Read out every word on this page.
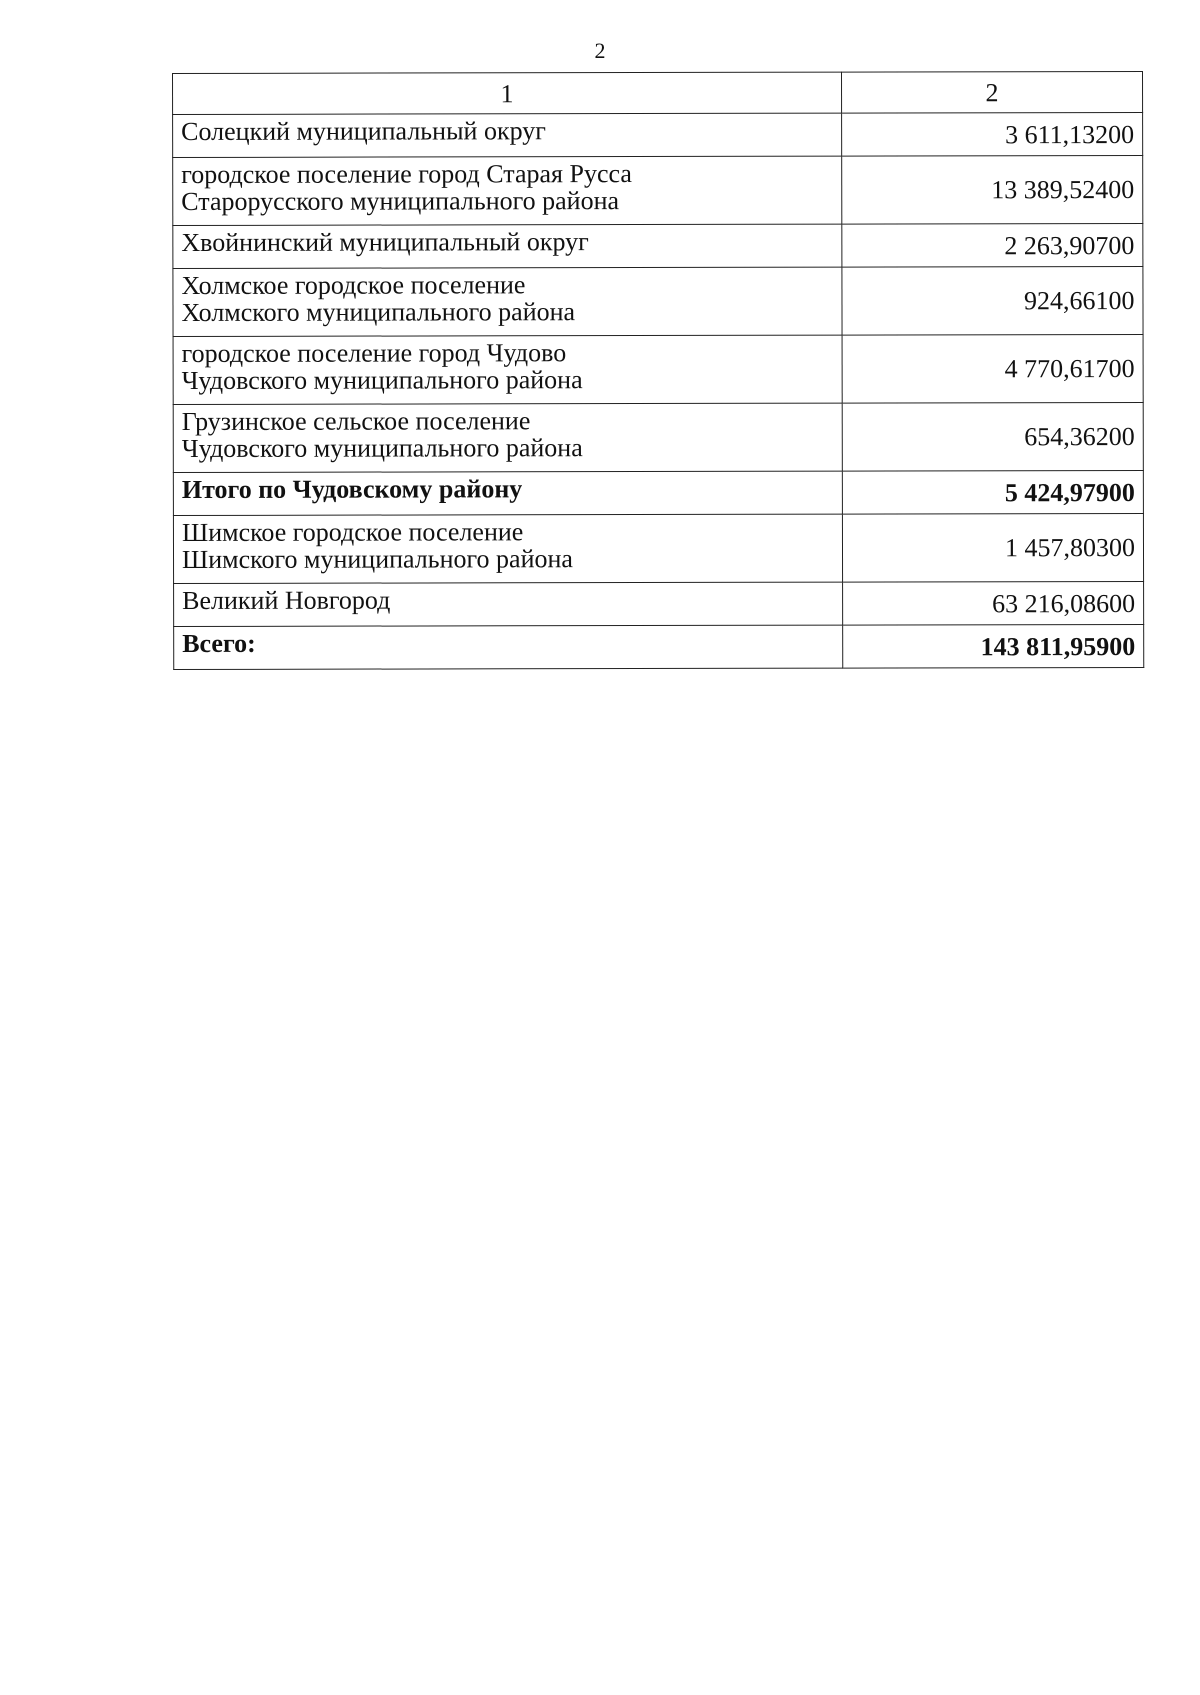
2
1	2

Солецкий муниципальный округ	3 611,13200

городское поселение город Старая Русса
Старорусского муниципального района	13 389,52400

Хвойнинский муниципальный округ	2 263,90700

Холмское городское поселение
Холмского муниципального района	924,66100

городское поселение город Чудово
Чудовского муниципального района	4 770,61700

Грузинское сельское поселение
Чудовского муниципального района	654,36200

Итого по Чудовскому району	5 424,97900

Шимское городское поселение
Шимского муниципального района	1 457,80300

Великий Новгород	63 216,08600

Всего:	143 811,95900
